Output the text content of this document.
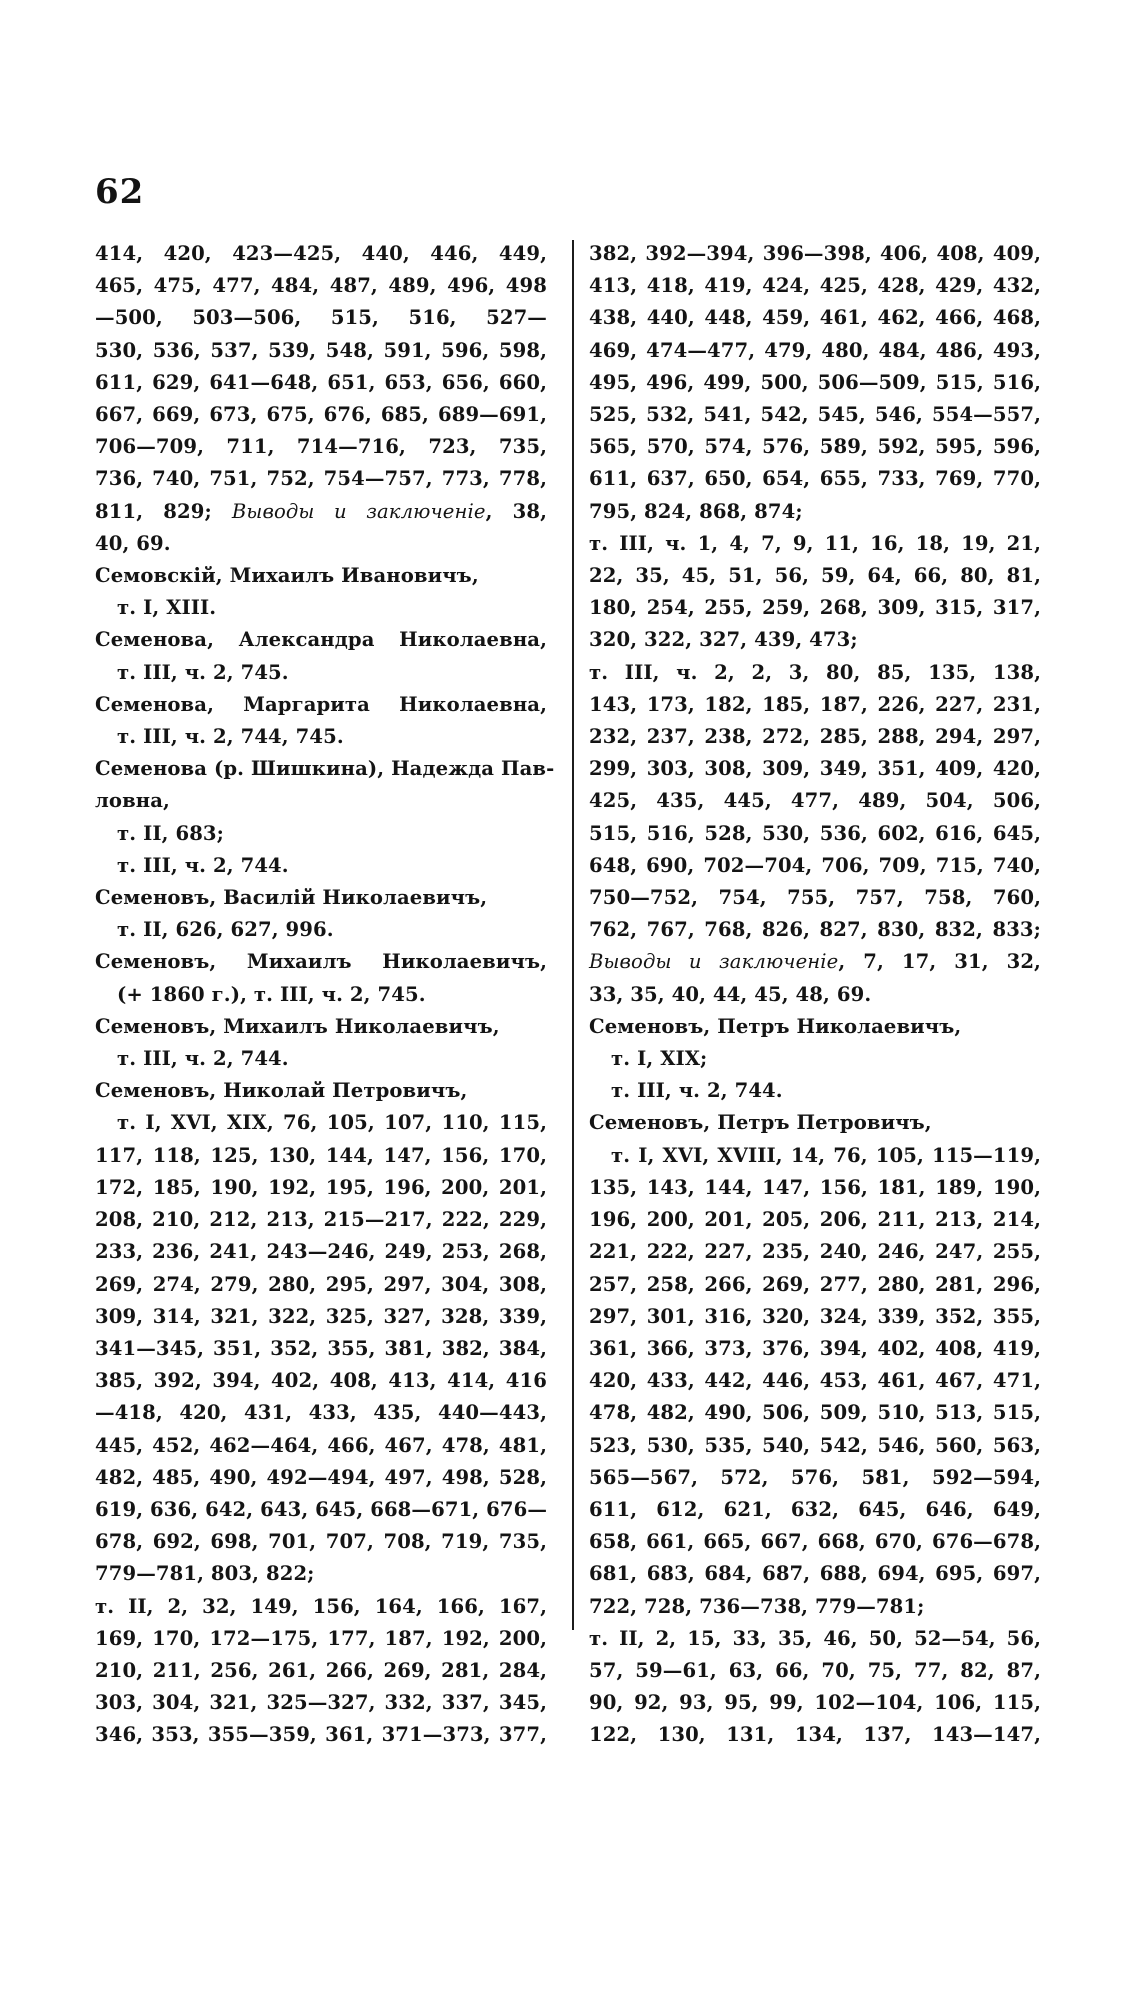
62
414, 420, 423—425, 440, 446, 449,
465, 475, 477, 484, 487, 489, 496, 498
—500, 503—506, 515, 516, 527—
530, 536, 537, 539, 548, 591, 596, 598,
611, 629, 641—648, 651, 653, 656, 660,
667, 669, 673, 675, 676, 685, 689—691,
706—709, 711, 714—716, 723, 735,
736, 740, 751, 752, 754—757, 773, 778,
811, 829; Выводы и заключеніе, 38,
40, 69.
Семовскій, Михаилъ Ивановичъ,
т. I, XIII.
Семенова, Александра Николаевна,
т. III, ч. 2, 745.
Семенова, Маргарита Николаевна,
т. III, ч. 2, 744, 745.
Семенова (р. Шишкина), Надежда Пав-
ловна,
т. II, 683;
т. III, ч. 2, 744.
Семеновъ, Василій Николаевичъ,
т. II, 626, 627, 996.
Семеновъ, Михаилъ Николаевичъ,
(+ 1860 г.), т. III, ч. 2, 745.
Семеновъ, Михаилъ Николаевичъ,
т. III, ч. 2, 744.
Семеновъ, Николай Петровичъ,
т. I, XVI, XIX, 76, 105, 107, 110, 115,
117, 118, 125, 130, 144, 147, 156, 170,
172, 185, 190, 192, 195, 196, 200, 201,
208, 210, 212, 213, 215—217, 222, 229,
233, 236, 241, 243—246, 249, 253, 268,
269, 274, 279, 280, 295, 297, 304, 308,
309, 314, 321, 322, 325, 327, 328, 339,
341—345, 351, 352, 355, 381, 382, 384,
385, 392, 394, 402, 408, 413, 414, 416
—418, 420, 431, 433, 435, 440—443,
445, 452, 462—464, 466, 467, 478, 481,
482, 485, 490, 492—494, 497, 498, 528,
619, 636, 642, 643, 645, 668—671, 676—
678, 692, 698, 701, 707, 708, 719, 735,
779—781, 803, 822;
т. II, 2, 32, 149, 156, 164, 166, 167,
169, 170, 172—175, 177, 187, 192, 200,
210, 211, 256, 261, 266, 269, 281, 284,
303, 304, 321, 325—327, 332, 337, 345,
346, 353, 355—359, 361, 371—373, 377,
382, 392—394, 396—398, 406, 408, 409,
413, 418, 419, 424, 425, 428, 429, 432,
438, 440, 448, 459, 461, 462, 466, 468,
469, 474—477, 479, 480, 484, 486, 493,
495, 496, 499, 500, 506—509, 515, 516,
525, 532, 541, 542, 545, 546, 554—557,
565, 570, 574, 576, 589, 592, 595, 596,
611, 637, 650, 654, 655, 733, 769, 770,
795, 824, 868, 874;
т. III, ч. 1, 4, 7, 9, 11, 16, 18, 19, 21,
22, 35, 45, 51, 56, 59, 64, 66, 80, 81,
180, 254, 255, 259, 268, 309, 315, 317,
320, 322, 327, 439, 473;
т. III, ч. 2, 2, 3, 80, 85, 135, 138,
143, 173, 182, 185, 187, 226, 227, 231,
232, 237, 238, 272, 285, 288, 294, 297,
299, 303, 308, 309, 349, 351, 409, 420,
425, 435, 445, 477, 489, 504, 506,
515, 516, 528, 530, 536, 602, 616, 645,
648, 690, 702—704, 706, 709, 715, 740,
750—752, 754, 755, 757, 758, 760,
762, 767, 768, 826, 827, 830, 832, 833;
Выводы и заключеніе, 7, 17, 31, 32,
33, 35, 40, 44, 45, 48, 69.
Семеновъ, Петръ Николаевичъ,
т. I, XIX;
т. III, ч. 2, 744.
Семеновъ, Петръ Петровичъ,
т. I, XVI, XVIII, 14, 76, 105, 115—119,
135, 143, 144, 147, 156, 181, 189, 190,
196, 200, 201, 205, 206, 211, 213, 214,
221, 222, 227, 235, 240, 246, 247, 255,
257, 258, 266, 269, 277, 280, 281, 296,
297, 301, 316, 320, 324, 339, 352, 355,
361, 366, 373, 376, 394, 402, 408, 419,
420, 433, 442, 446, 453, 461, 467, 471,
478, 482, 490, 506, 509, 510, 513, 515,
523, 530, 535, 540, 542, 546, 560, 563,
565—567, 572, 576, 581, 592—594,
611, 612, 621, 632, 645, 646, 649,
658, 661, 665, 667, 668, 670, 676—678,
681, 683, 684, 687, 688, 694, 695, 697,
722, 728, 736—738, 779—781;
т. II, 2, 15, 33, 35, 46, 50, 52—54, 56,
57, 59—61, 63, 66, 70, 75, 77, 82, 87,
90, 92, 93, 95, 99, 102—104, 106, 115,
122, 130, 131, 134, 137, 143—147,
